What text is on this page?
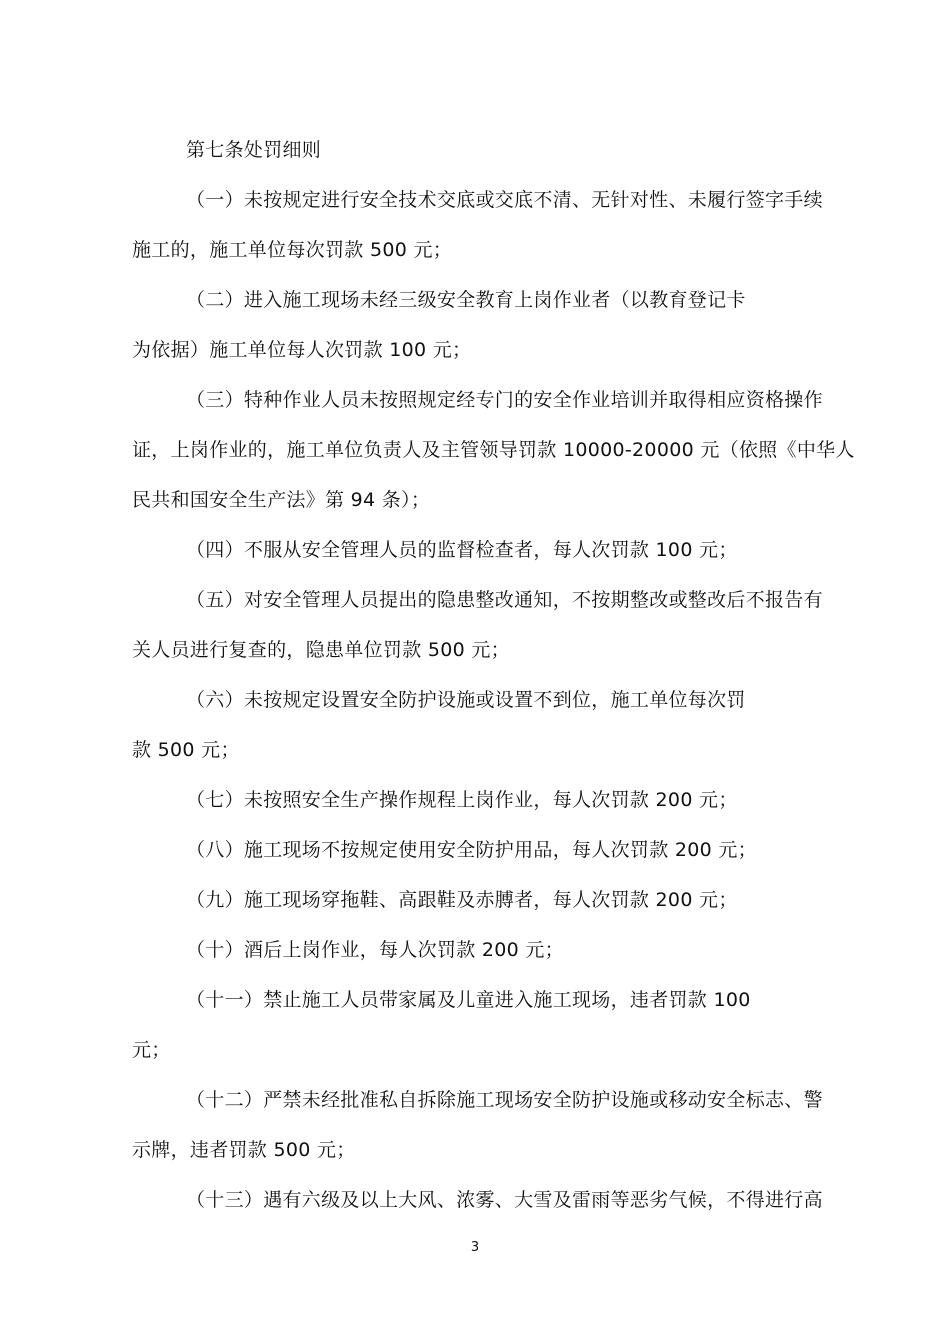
第七条处罚细则
（一）未按规定进行安全技术交底或交底不清、无针对性、未履行签字手续
施工的，施工单位每次罚款 500 元；
（二）进入施工现场未经三级安全教育上岗作业者（以教育登记卡
为依据）施工单位每人次罚款 100 元；
（三）特种作业人员未按照规定经专门的安全作业培训并取得相应资格操作
证，上岗作业的，施工单位负责人及主管领导罚款 10000-20000 元（依照《中华人
民共和国安全生产法》第 94 条）；
（四）不服从安全管理人员的监督检查者，每人次罚款 100 元；
（五）对安全管理人员提出的隐患整改通知，不按期整改或整改后不报告有
关人员进行复查的，隐患单位罚款 500 元；
（六）未按规定设置安全防护设施或设置不到位，施工单位每次罚
款 500 元；
（七）未按照安全生产操作规程上岗作业，每人次罚款 200 元；
（八）施工现场不按规定使用安全防护用品，每人次罚款 200 元；
（九）施工现场穿拖鞋、高跟鞋及赤膊者，每人次罚款 200 元；
（十）酒后上岗作业，每人次罚款 200 元；
（十一）禁止施工人员带家属及儿童进入施工现场，违者罚款 100
元；
（十二）严禁未经批准私自拆除施工现场安全防护设施或移动安全标志、警
示牌，违者罚款 500 元；
（十三）遇有六级及以上大风、浓雾、大雪及雷雨等恶劣气候，不得进行高
3
